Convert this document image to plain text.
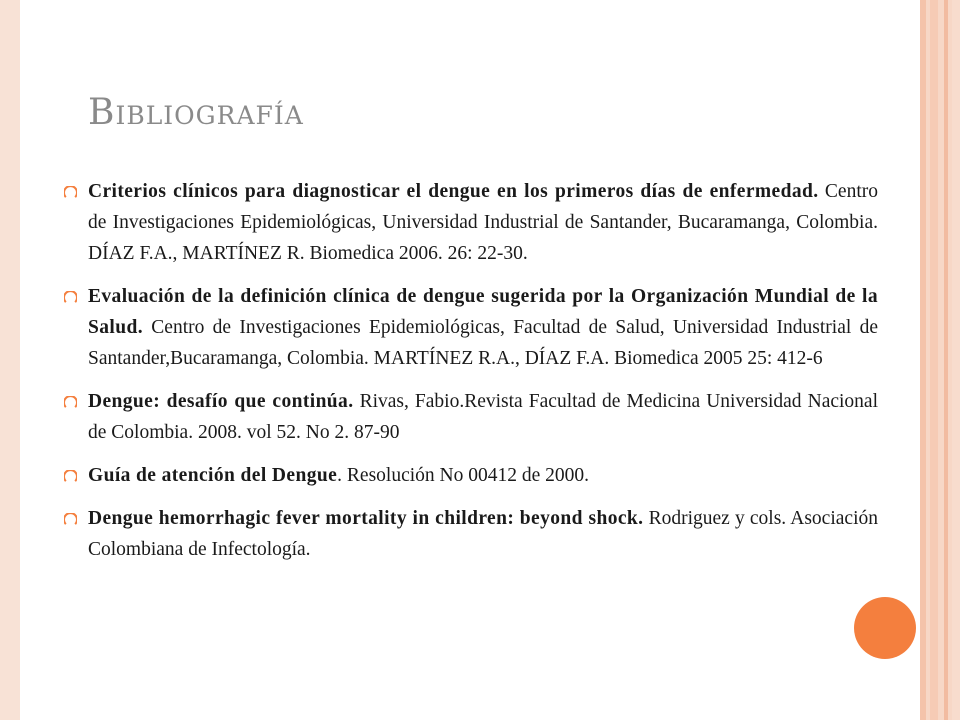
Bibliografía
Criterios clínicos para diagnosticar el dengue en los primeros días de enfermedad. Centro de Investigaciones Epidemiológicas, Universidad Industrial de Santander, Bucaramanga, Colombia. DÍAZ F.A., MARTÍNEZ R. Biomedica 2006. 26: 22-30.
Evaluación de la definición clínica de dengue sugerida por la Organización Mundial de la Salud. Centro de Investigaciones Epidemiológicas, Facultad de Salud, Universidad Industrial de Santander,Bucaramanga, Colombia. MARTÍNEZ R.A., DÍAZ F.A. Biomedica 2005 25: 412-6
Dengue: desafío que continúa. Rivas, Fabio.Revista Facultad de Medicina Universidad Nacional de Colombia. 2008. vol 52. No 2. 87-90
Guía de atención del Dengue. Resolución No 00412 de 2000.
Dengue hemorrhagic fever mortality in children: beyond shock. Rodriguez y cols. Asociación Colombiana de Infectología.
